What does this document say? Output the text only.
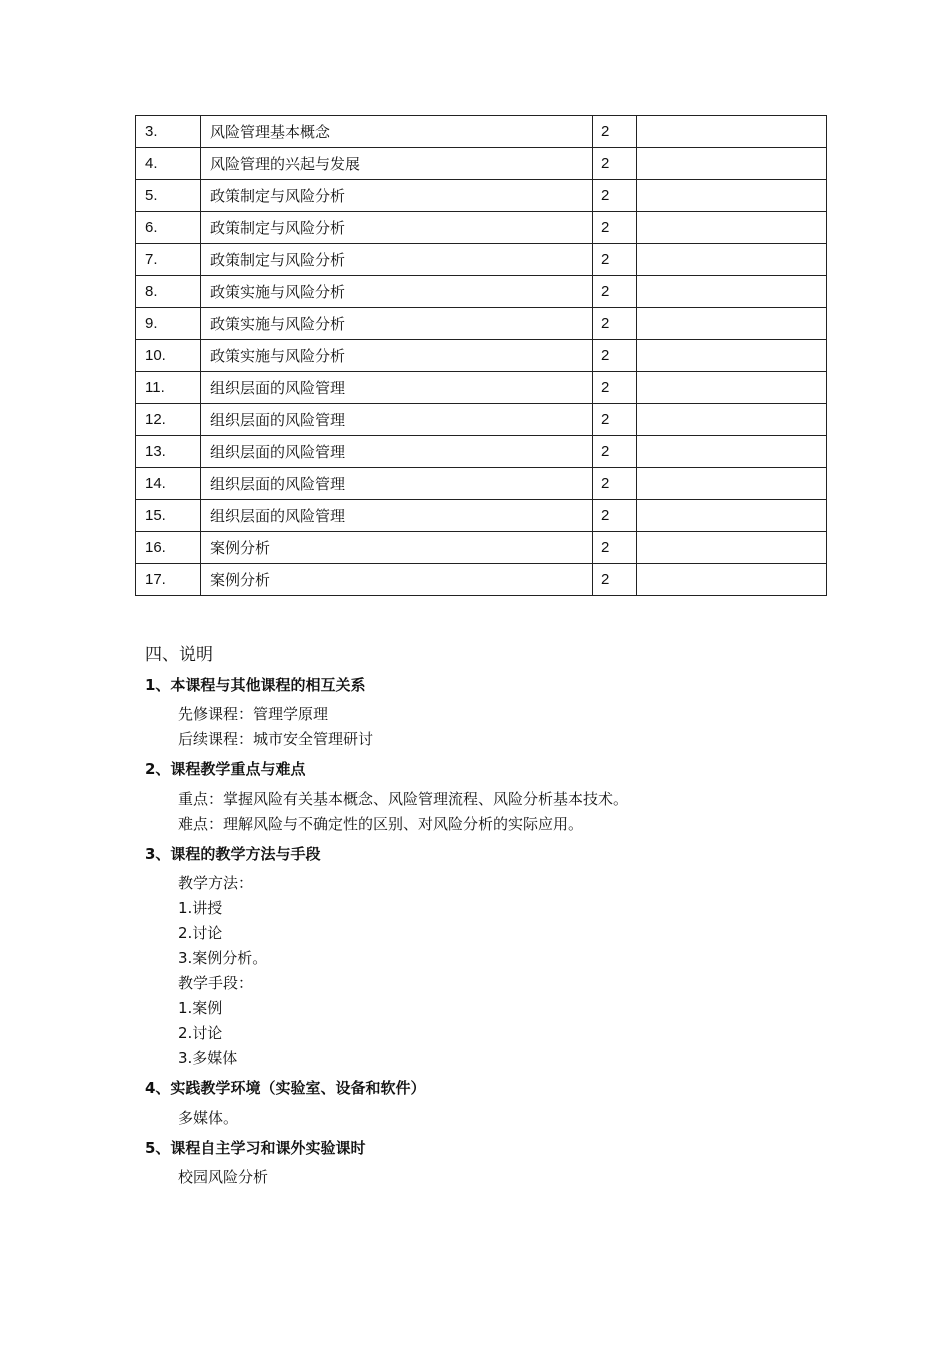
3.	风险管理基本概念	2	
4.	风险管理的兴起与发展	2	
5.	政策制定与风险分析	2	
6.	政策制定与风险分析	2	
7.	政策制定与风险分析	2	
8.	政策实施与风险分析	2	
9.	政策实施与风险分析	2	
10.	政策实施与风险分析	2	
11.	组织层面的风险管理	2	
12.	组织层面的风险管理	2	
13.	组织层面的风险管理	2	
14.	组织层面的风险管理	2	
15.	组织层面的风险管理	2	
16.	案例分析	2	
17.	案例分析	2	
四、说明
1、本课程与其他课程的相互关系
先修课程：管理学原理
后续课程：城市安全管理研讨
2、课程教学重点与难点
重点：掌握风险有关基本概念、风险管理流程、风险分析基本技术。
难点：理解风险与不确定性的区别、对风险分析的实际应用。
3、课程的教学方法与手段
教学方法：
1.讲授
2.讨论
3.案例分析。
教学手段：
1.案例
2.讨论
3.多媒体
4、实践教学环境（实验室、设备和软件）
多媒体。
5、课程自主学习和课外实验课时
校园风险分析
